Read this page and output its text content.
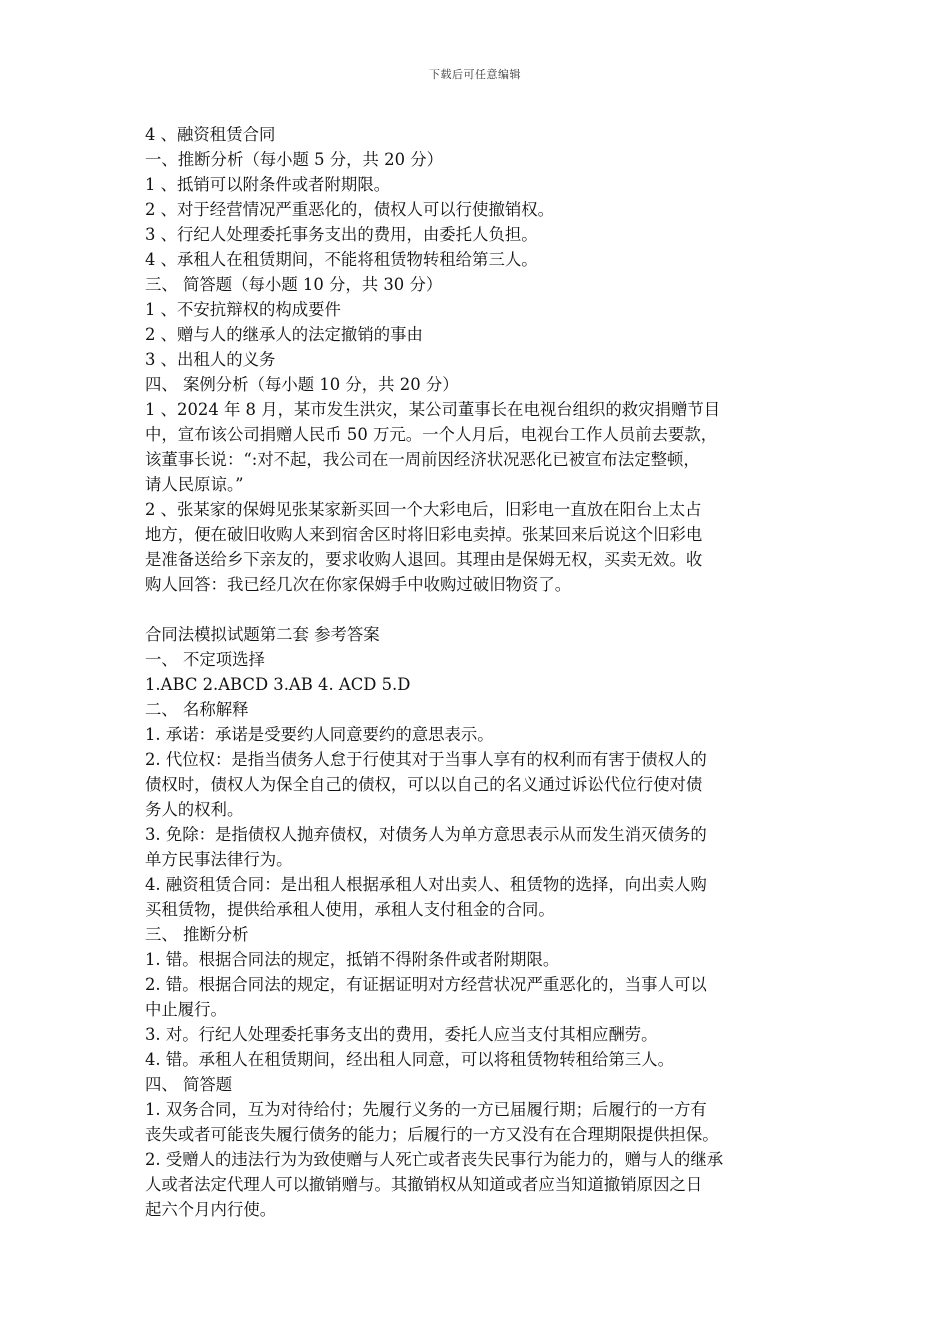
下载后可任意编辑
4 、融资租赁合同
一、推断分析（每小题 5 分，共 20 分）
1 、抵销可以附条件或者附期限。
2 、对于经营情况严重恶化的，债权人可以行使撤销权。
3 、行纪人处理委托事务支出的费用，由委托人负担。
4 、承租人在租赁期间，不能将租赁物转租给第三人。
三、 简答题（每小题 10 分，共 30 分）
1 、不安抗辩权的构成要件
2 、赠与人的继承人的法定撤销的事由
3 、出租人的义务
四、 案例分析（每小题 10 分，共 20 分）
1 、2024 年 8 月，某市发生洪灾，某公司董事长在电视台组织的救灾捐赠节目
中，宣布该公司捐赠人民币 50 万元。一个人月后，电视台工作人员前去要款，
该董事长说：“:对不起，我公司在一周前因经济状况恶化已被宣布法定整顿，
请人民原谅。”
2 、张某家的保姆见张某家新买回一个大彩电后，旧彩电一直放在阳台上太占
地方，便在破旧收购人来到宿舍区时将旧彩电卖掉。张某回来后说这个旧彩电
是准备送给乡下亲友的，要求收购人退回。其理由是保姆无权，买卖无效。收
购人回答：我已经几次在你家保姆手中收购过破旧物资了。
合同法模拟试题第二套 参考答案
一、 不定项选择
1.ABC 2.ABCD 3.AB 4. ACD 5.D
二、 名称解释
1. 承诺：承诺是受要约人同意要约的意思表示。
2. 代位权：是指当债务人怠于行使其对于当事人享有的权利而有害于债权人的
债权时，债权人为保全自己的债权，可以以自己的名义通过诉讼代位行使对债
务人的权利。
3. 免除：是指债权人抛弃债权，对债务人为单方意思表示从而发生消灭债务的
单方民事法律行为。
4. 融资租赁合同：是出租人根据承租人对出卖人、租赁物的选择，向出卖人购
买租赁物，提供给承租人使用，承租人支付租金的合同。
三、 推断分析
1. 错。根据合同法的规定，抵销不得附条件或者附期限。
2. 错。根据合同法的规定，有证据证明对方经营状况严重恶化的，当事人可以
中止履行。
3. 对。行纪人处理委托事务支出的费用，委托人应当支付其相应酬劳。
4. 错。承租人在租赁期间，经出租人同意，可以将租赁物转租给第三人。
四、 简答题
1. 双务合同，互为对待给付；先履行义务的一方已届履行期；后履行的一方有
丧失或者可能丧失履行债务的能力；后履行的一方又没有在合理期限提供担保。
2. 受赠人的违法行为为致使赠与人死亡或者丧失民事行为能力的，赠与人的继承
人或者法定代理人可以撤销赠与。其撤销权从知道或者应当知道撤销原因之日
起六个月内行使。
